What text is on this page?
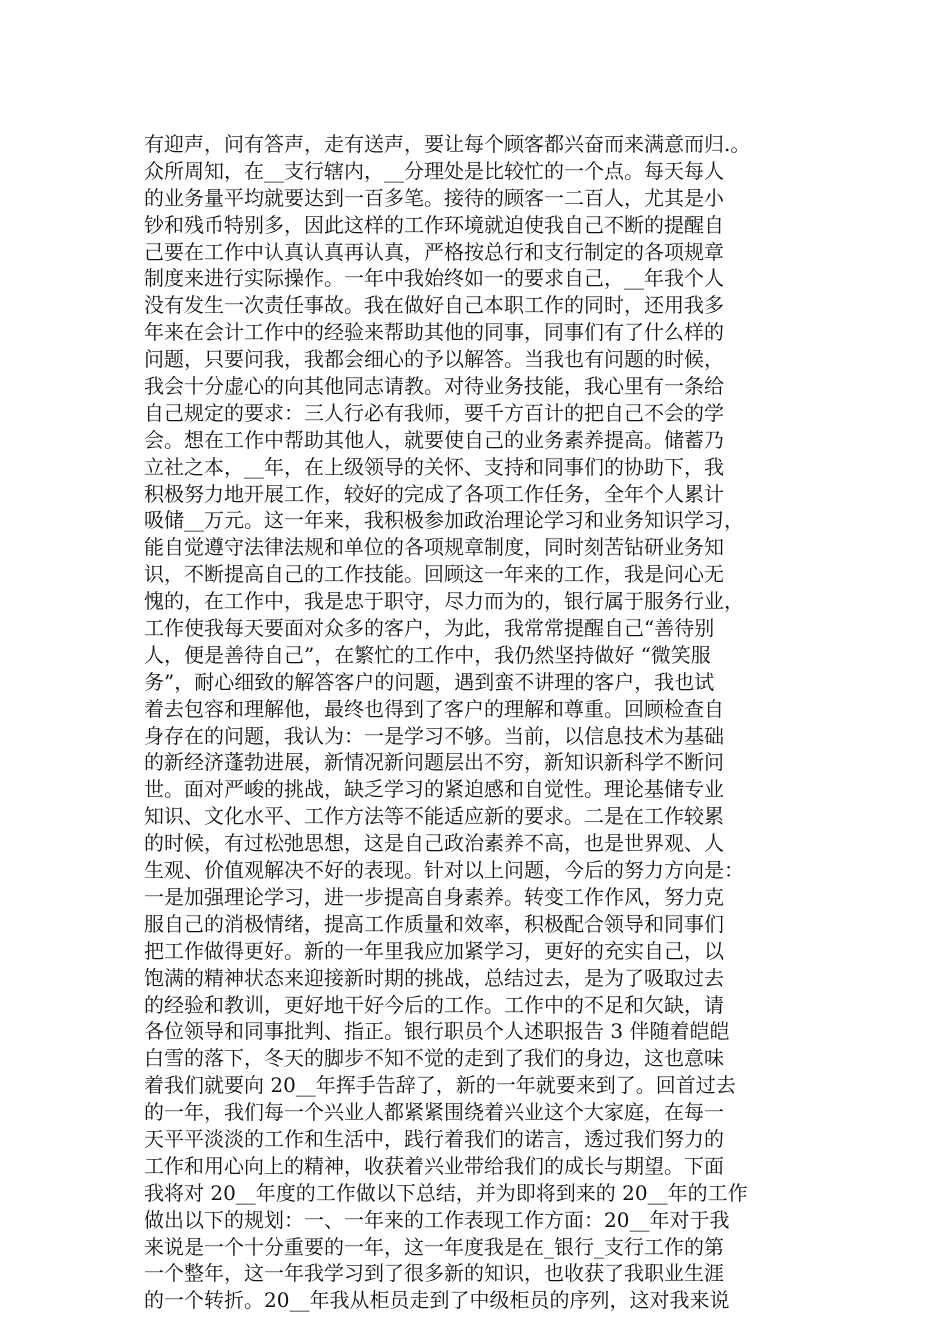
有迎声，问有答声，走有送声，要让每个顾客都兴奋而来满意而归.。
众所周知，在__支行辖内，__分理处是比较忙的一个点。每天每人
的业务量平均就要达到一百多笔。接待的顾客一二百人，尤其是小
钞和残币特别多，因此这样的工作环境就迫使我自己不断的提醒自
己要在工作中认真认真再认真，严格按总行和支行制定的各项规章
制度来进行实际操作。一年中我始终如一的要求自己，__年我个人
没有发生一次责任事故。我在做好自己本职工作的同时，还用我多
年来在会计工作中的经验来帮助其他的同事，同事们有了什么样的
问题，只要问我，我都会细心的予以解答。当我也有问题的时候，
我会十分虚心的向其他同志请教。对待业务技能，我心里有一条给
自己规定的要求：三人行必有我师，要千方百计的把自己不会的学
会。想在工作中帮助其他人，就要使自己的业务素养提高。储蓄乃
立社之本，__年，在上级领导的关怀、支持和同事们的协助下，我
积极努力地开展工作，较好的完成了各项工作任务，全年个人累计
吸储__万元。这一年来，我积极参加政治理论学习和业务知识学习，
能自觉遵守法律法规和单位的各项规章制度，同时刻苦钻研业务知
识，不断提高自己的工作技能。回顾这一年来的工作，我是问心无
愧的，在工作中，我是忠于职守，尽力而为的，银行属于服务行业，
工作使我每天要面对众多的客户，为此，我常常提醒自己“善待别
人，便是善待自己”，在繁忙的工作中，我仍然坚持做好 “微笑服
务”，耐心细致的解答客户的问题，遇到蛮不讲理的客户，我也试
着去包容和理解他，最终也得到了客户的理解和尊重。回顾检查自
身存在的问题，我认为：一是学习不够。当前，以信息技术为基础
的新经济蓬勃进展，新情况新问题层出不穷，新知识新科学不断问
世。面对严峻的挑战，缺乏学习的紧迫感和自觉性。理论基储专业
知识、文化水平、工作方法等不能适应新的要求。二是在工作较累
的时候，有过松弛思想，这是自己政治素养不高，也是世界观、人
生观、价值观解决不好的表现。针对以上问题，今后的努力方向是：
一是加强理论学习，进一步提高自身素养。转变工作作风，努力克
服自己的消极情绪，提高工作质量和效率，积极配合领导和同事们
把工作做得更好。新的一年里我应加紧学习，更好的充实自己，以
饱满的精神状态来迎接新时期的挑战，总结过去，是为了吸取过去
的经验和教训，更好地干好今后的工作。工作中的不足和欠缺，请
各位领导和同事批判、指正。银行职员个人述职报告 3 伴随着皑皑
白雪的落下，冬天的脚步不知不觉的走到了我们的身边，这也意味
着我们就要向 20__年挥手告辞了，新的一年就要来到了。回首过去
的一年，我们每一个兴业人都紧紧围绕着兴业这个大家庭，在每一
天平平淡淡的工作和生活中，践行着我们的诺言，透过我们努力的
工作和用心向上的精神，收获着兴业带给我们的成长与期望。下面
我将对 20__年度的工作做以下总结，并为即将到来的 20__年的工作
做出以下的规划：一、一年来的工作表现工作方面：20__年对于我
来说是一个十分重要的一年，这一年度我是在_银行_支行工作的第
一个整年，这一年我学习到了很多新的知识，也收获了我职业生涯
的一个转折。20__年我从柜员走到了中级柜员的序列，这对我来说
